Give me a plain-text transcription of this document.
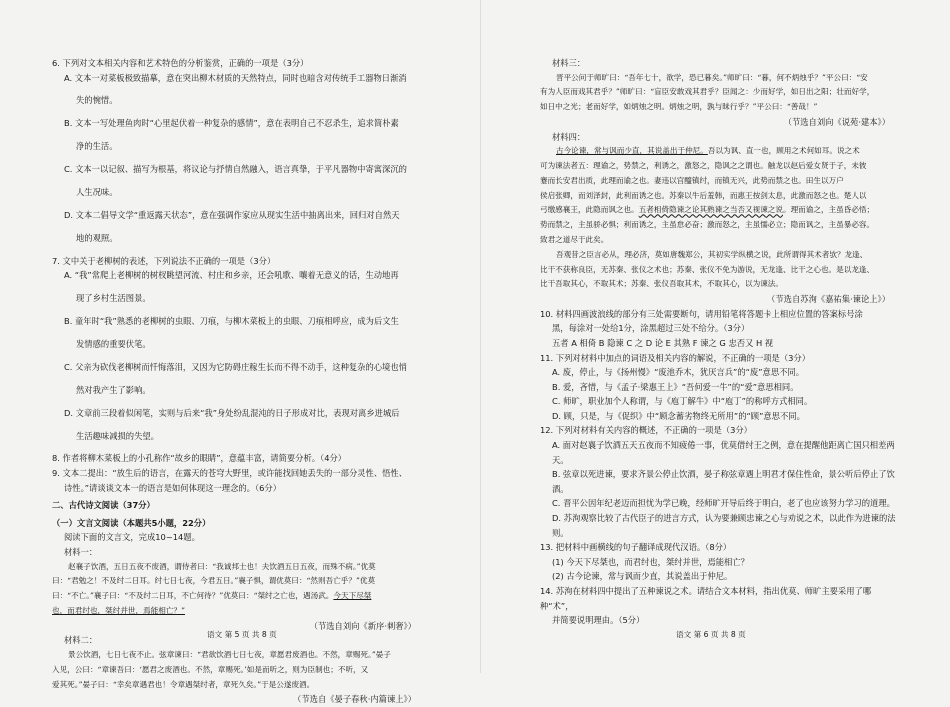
6. 下列对文本相关内容和艺术特色的分析鉴赏，正确的一项是（3分）

A. 文本一对菜板极致描摹，意在突出柳木材质的天然特点，同时也暗含对传统手工器物日渐消

失的惋惜。

B. 文本一写处理鱼肉时“心里起伏着一种复杂的感情”，意在表明自己不忍杀生，追求简朴素

净的生活。

C. 文本一以记叙、描写为根基，将议论与抒情自然融入，语言真挚，于平凡器物中寄寓深沉的

人生况味。

D. 文本二倡导文学“重返露天状态”，意在强调作家应从现实生活中抽离出来，回归对自然天

地的观照。

7. 文中关于老柳树的表述，下列说法不正确的一项是（3分）

A. “我”常爬上老柳树的树杈眺望河流、村庄和乡亲，还会吼歌、嚷着无意义的话，生动地再

现了乡村生活图景。

B. 童年时“我”熟悉的老柳树的虫眼、刀痕，与柳木菜板上的虫眼、刀痕相呼应，成为后文生

发情感的重要伏笔。

C. 父亲为砍伐老柳树而忏悔落泪，又因为它防碍庄稼生长而不得不动手，这种复杂的心境也悄

然对我产生了影响。

D. 文章前三段着似闲笔，实则与后来“我”身处纷乱混沌的日子形成对比，表现对离乡进城后

生活趣味减损的失望。

8. 作者将柳木菜板上的小孔称作“故乡的眼睛”，意蕴丰富，请简要分析。（4分）

9. 文本二提出：“放生后的语言，在露天的苍穹大野里，或许能找回她丢失的一部分灵性、悟性、

诗性。”请谈谈文本一的语言是如何体现这一理念的。（6分）

二、古代诗文阅读（37分）

（一）文言文阅读（本题共5小题，22分）

阅读下面的文言文，完成10~14题。

材料一：

赵襄子饮酒，五日五夜不废酒，谓侍者曰：“我诚邦士也！夫饮酒五日五夜，而殊不病。”优莫

曰：“君勉之！不及纣二日耳。纣七日七夜，今君五日。”襄子惧，谓优莫曰：“然则吾亡乎？”优莫

曰：“不亡。”襄子曰：“不及纣二日耳，不亡何待？”优莫曰：“桀纣之亡也，遇汤武。今天下尽桀

也，而君纣也，桀纣并世，焉能相亡？”

（节选自刘向《新序·刺奢》）

材料二：

景公饮酒，七日七夜不止。弦章谏曰：“君欲饮酒七日七夜，章愿君废酒也。不然，章赐死。”晏子

入见，公曰：“章谏吾曰：‘愿君之废酒也。不然，章赐死。’如是而听之，则为臣制也；不听，又

爱其死。”晏子曰：“幸矣章遇君也！令章遇桀纣者，章死久矣。”于是公遂废酒。

（节选自《晏子春秋·内篇谏上》）

语文 第 5 页 共 8 页

材料三：

晋平公问于师旷曰：“吾年七十，欲学，恐已暮矣。”师旷曰：“暮，何不炳烛乎？”平公曰：“安

有为人臣而戏其君乎？”师旷曰：“盲臣安敢戏其君乎？臣闻之：少而好学，如日出之阳；壮而好学，

如日中之光；老而好学，如炳烛之明。炳烛之明，孰与昧行乎？”平公曰：“善哉！”

（节选自刘向《说苑·建本》）

材料四：

古今论谏，常与讽而少直，其说盖出于仲尼。吾以为讽、直一也，顾用之术何如耳。说之术

可为谏法者五：理谕之，势禁之，利诱之，激怒之，隐讽之之谓也。触龙以赵后爱女贤于子，未彼

蹇而长安君出质，此理而谕之也。妻违以宫醯镇纣，而镇无兴，此势而禁之也。田生以万户

侯启张卿，而刘泽封，此利而诱之也。苏秦以牛后羞韩，而惠王按剑太息，此激而怒之也。楚人以

弓缴感襄王，此隐而讽之也。五者相倚隐谏之论其熟谏之当否又视谏之说。理而谕之，主虽昏必悟；

势而禁之，主虽骄必惧；利而诱之，主虽怠必奋；激而怒之，主虽懦必立；隐而讽之，主虽暴必容。

致君之道尽于此矣。

吾观昔之臣言必从，理必济，莫如唐魏郑公，其初实学纵横之说，此所谓得其术者欤？龙逢、

比干不获称良臣，无苏秦、张仪之术也；苏秦、张仪不免为游说，无龙逢、比干之心也。是以龙逢、

比干吾取其心，不取其术；苏秦、张仪吾取其术，不取其心，以为谏法。

（节选自苏洵《嘉祐集·谏论上》）

10. 材料四画波浪线的部分有三处需要断句，请用铅笔将答题卡上相应位置的答案标号涂

黑，每涂对一处给1分，涂黑超过三处不给分。（3分）

五者 A 相倚 B 隐谏 C 之 D 论 E 其熟 F 谏之 G 忠否又 H 视

11. 下列对材料中加点的词语及相关内容的解说，不正确的一项是（3分）

A. 废，停止，与《扬州慢》“废池乔木，犹厌言兵”的“废”意思不同。

B. 爱，吝惜，与《孟子·梁惠王上》“吾何爱一牛”的“爱”意思相同。

C. 师旷，职业加个人称谓，与《庖丁解牛》中“庖丁”的称呼方式相同。

D. 顾，只是，与《促织》中“顾念蓄劣物终无所用”的“顾”意思不同。

12. 下列对材料有关内容的概述，不正确的一项是（3分）

A. 面对赵襄子饮酒五天五夜而不知疲倦一事，优莫借纣王之例，意在提醒他距离亡国只相差两天。

B. 弦章以死进谏，要求齐景公停止饮酒，晏子称弦章遇上明君才保住性命，景公听后停止了饮酒。

C. 晋平公因年纪老迈而担忧为学已晚，经师旷开导后终于明白，老了也应该努力学习的道理。

D. 苏洵观察比较了古代臣子的进言方式，认为要兼顾忠谏之心与劝说之术，以此作为进谏的法则。

13. 把材料中画横线的句子翻译成现代汉语。（8分）

(1) 今天下尽桀也，而君纣也，桀纣并世，焉能相亡？

(2) 古今论谏，常与讽而少直，其说盖出于仲尼。

14. 苏洵在材料四中提出了五种谏说之术。请结合文本材料，指出优莫、师旷主要采用了哪种“术”，

并简要说明理由。（5分）

语文 第 6 页 共 8 页
